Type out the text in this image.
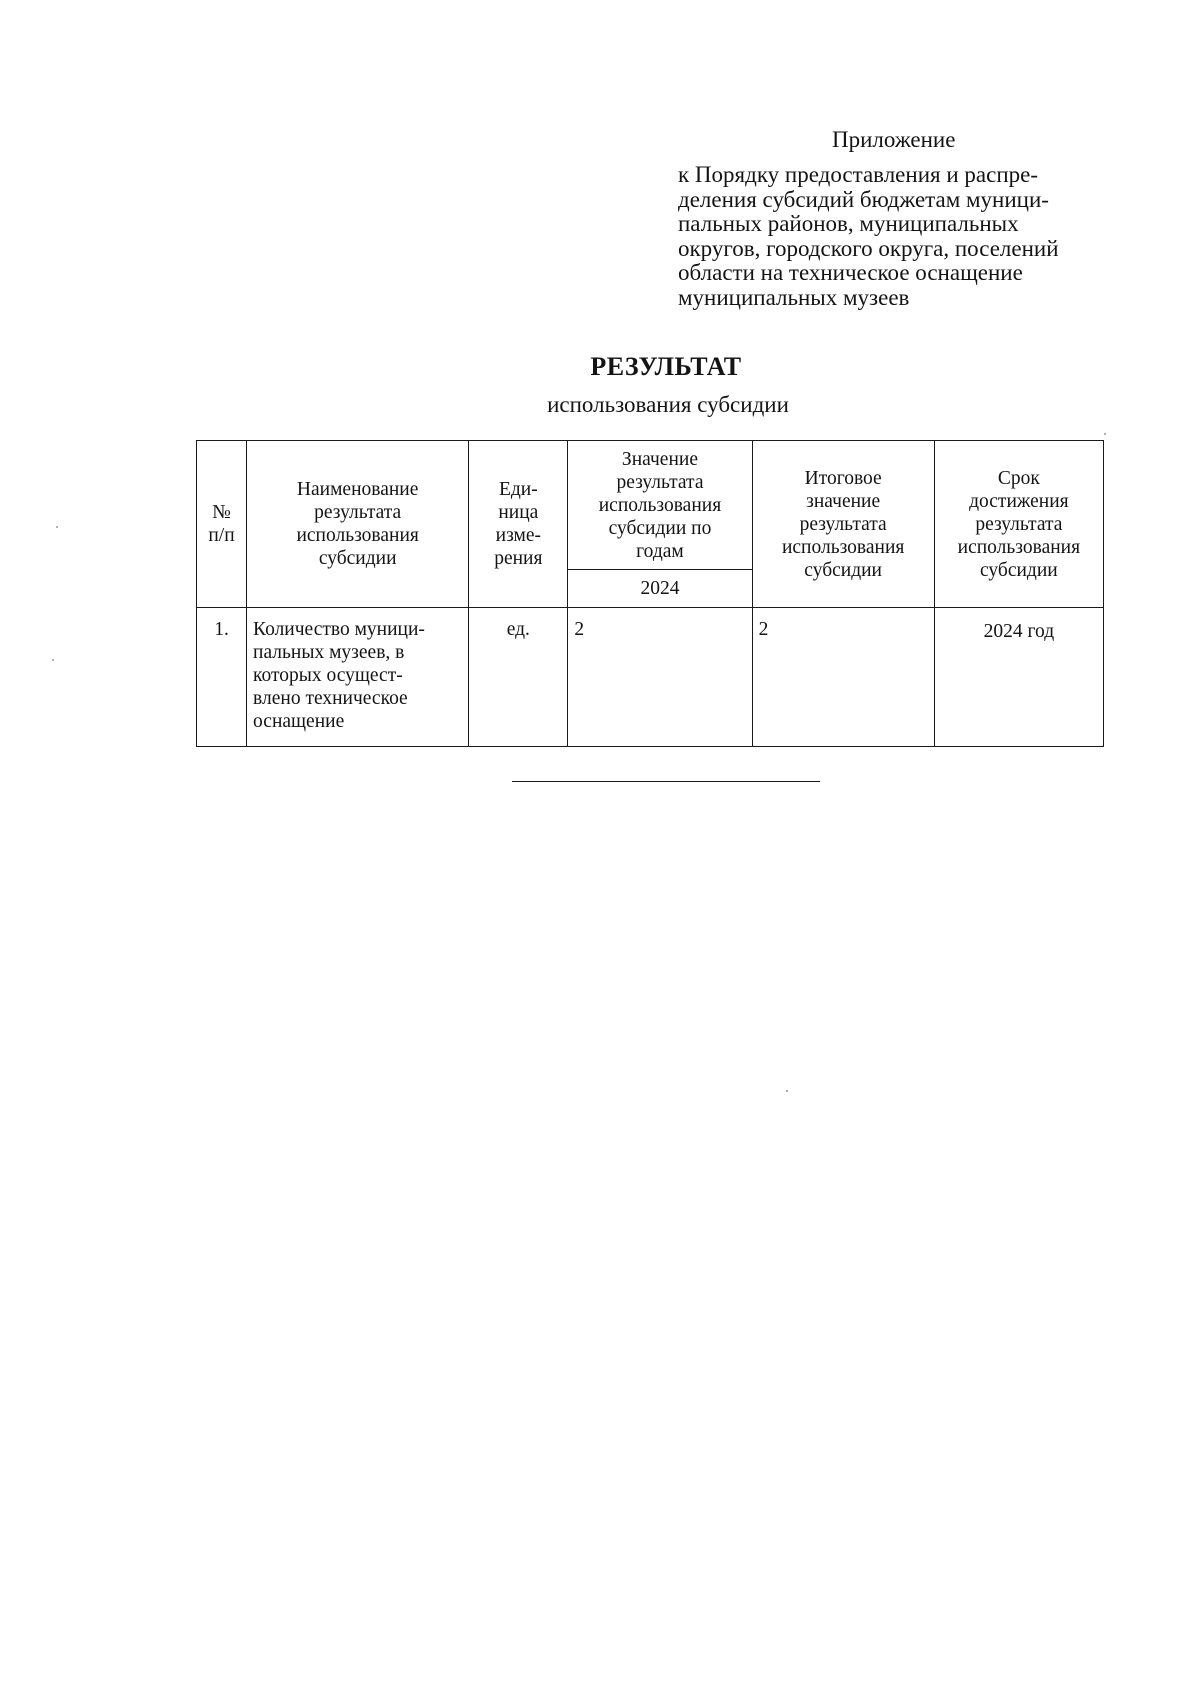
Приложение
к Порядку предоставления и распре-
деления субсидий бюджетам муници-
пальных районов, муниципальных
округов, городского округа, поселений
области на техническое оснащение
муниципальных музеев
РЕЗУЛЬТАТ
использования субсидии
№
п/п	Наименование
результата
использования
субсидии	Еди-
ница
изме-
рения	Значение
результата
использования
субсидии по
годам	Итоговое
значение
результата
использования
субсидии	Срок
достижения
результата
использования
субсидии

			2024		
1.	Количество муници-
пальных музеев, в
которых осущест-
влено техническое
оснащение	ед.	2	2	2024 год
